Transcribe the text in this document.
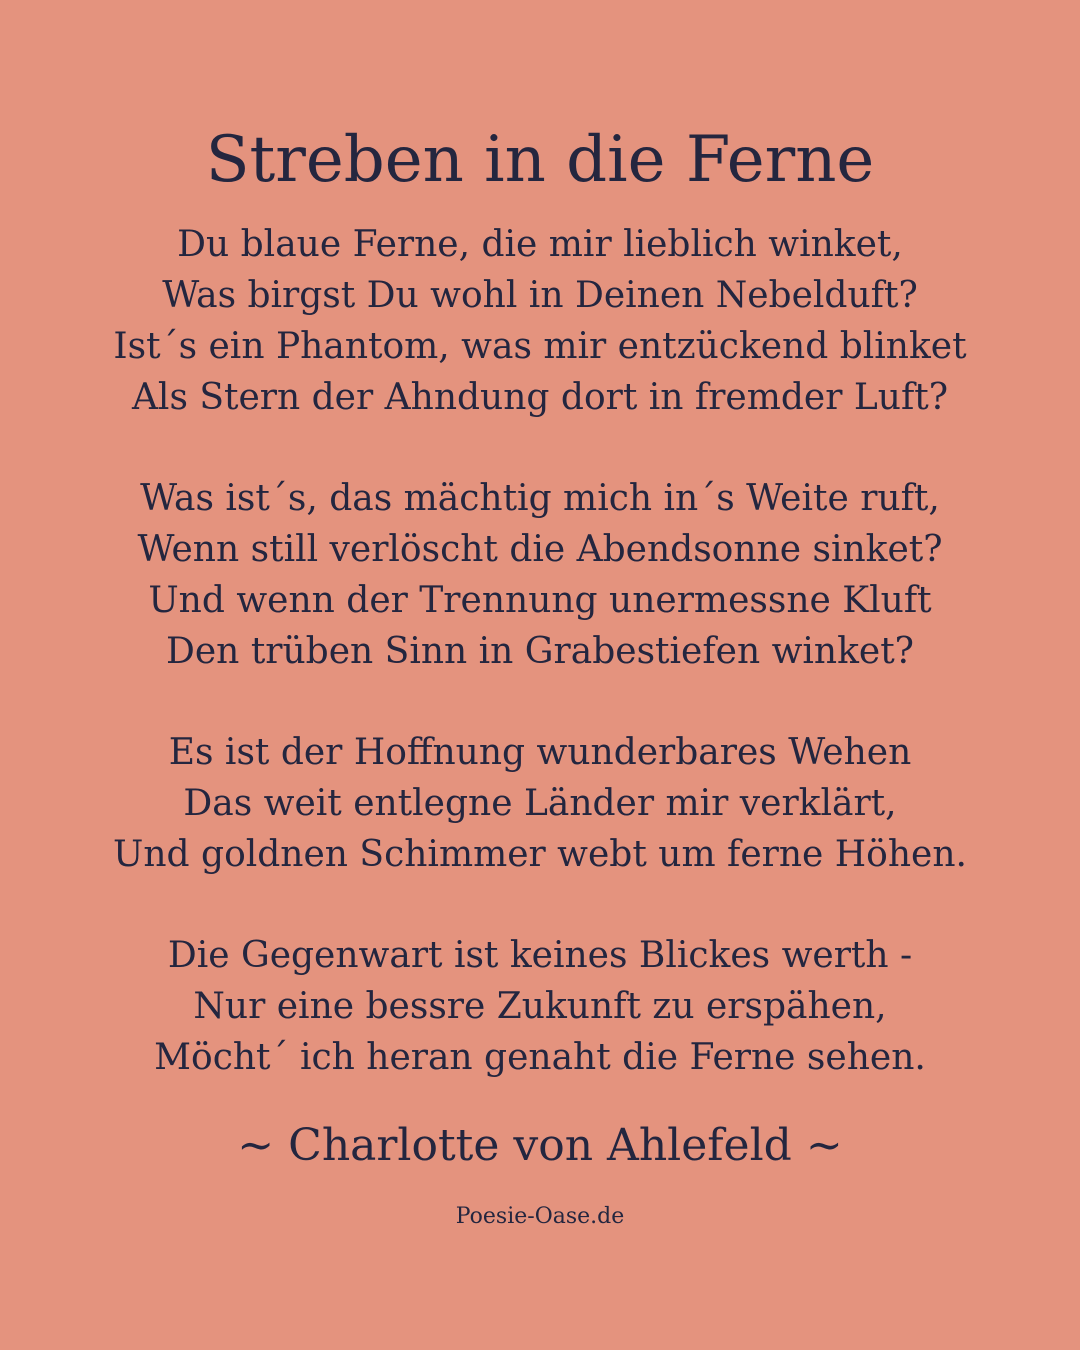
Streben in die Ferne
Du blaue Ferne, die mir lieblich winket,
Was birgst Du wohl in Deinen Nebelduft?
Ist´s ein Phantom, was mir entzückend blinket
Als Stern der Ahndung dort in fremder Luft?
Was ist´s, das mächtig mich in´s Weite ruft,
Wenn still verlöscht die Abendsonne sinket?
Und wenn der Trennung unermessne Kluft
Den trüben Sinn in Grabestiefen winket?
Es ist der Hoffnung wunderbares Wehen
Das weit entlegne Länder mir verklärt,
Und goldnen Schimmer webt um ferne Höhen.
Die Gegenwart ist keines Blickes werth -
Nur eine bessre Zukunft zu erspähen,
Möcht´ ich heran genaht die Ferne sehen.
~ Charlotte von Ahlefeld ~
Poesie-Oase.de
